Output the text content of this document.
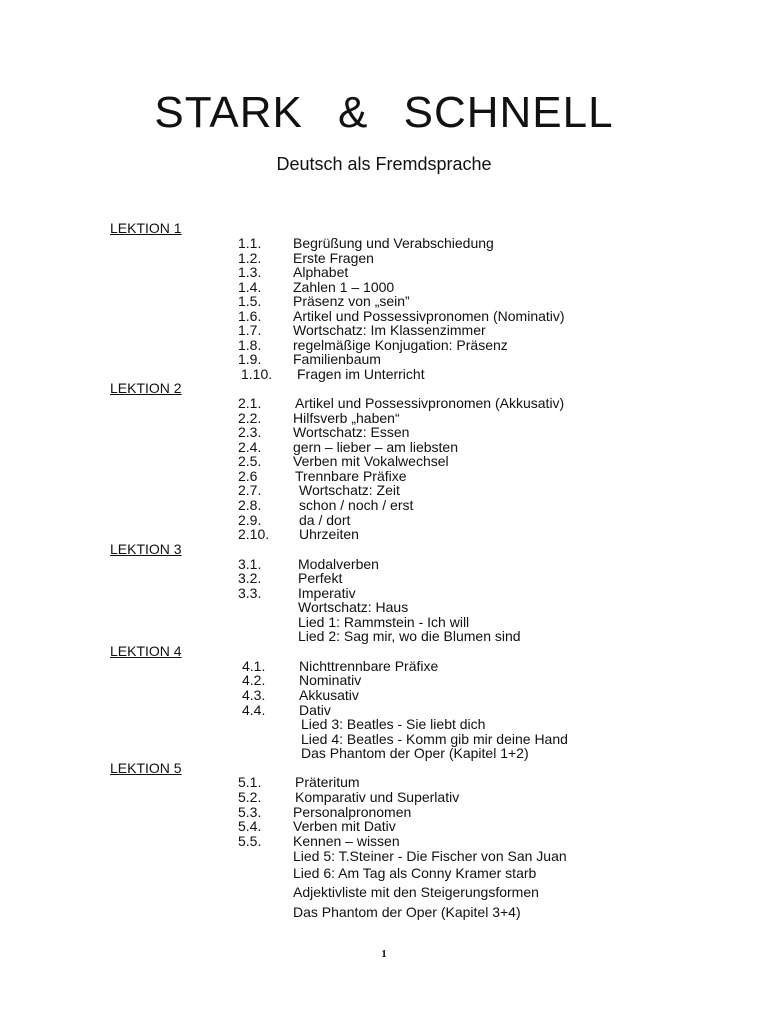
STARK & SCHNELL
Deutsch als Fremdsprache
LEKTION 1
1.1. Begrüßung und Verabschiedung
1.2. Erste Fragen
1.3. Alphabet
1.4. Zahlen 1 – 1000
1.5. Präsenz von „sein”
1.6. Artikel und Possessivpronomen (Nominativ)
1.7. Wortschatz: Im Klassenzimmer
1.8. regelmäßige Konjugation: Präsenz
1.9. Familienbaum
1.10. Fragen im Unterricht
LEKTION 2
2.1. Artikel und Possessivpronomen (Akkusativ)
2.2. Hilfsverb „haben“
2.3. Wortschatz: Essen
2.4. gern – lieber – am liebsten
2.5. Verben mit Vokalwechsel
2.6	Trennbare Präfixe
2.7.	Wortschatz: Zeit
2.8.	schon / noch / erst
2.9.	da / dort
2.10. Uhrzeiten
LEKTION 3
3.1.	Modalverben
3.2.	Perfekt
3.3.	Imperativ
Wortschatz: Haus
Lied 1: Rammstein - Ich will
Lied 2: Sag mir, wo die Blumen sind
LEKTION 4
4.1. Nichttrennbare Präfixe
4.2. Nominativ
4.3. Akkusativ
4.4. Dativ
Lied 3: Beatles - Sie liebt dich
Lied 4: Beatles - Komm gib mir deine Hand
Das Phantom der Oper (Kapitel 1+2)
LEKTION 5
5.1. Präteritum
5.2. Komparativ und Superlativ
5.3. Personalpronomen
5.4. Verben mit Dativ
5.5. Kennen – wissen
Lied 5: T.Steiner - Die Fischer von San Juan
Lied 6: Am Tag als Conny Kramer starb
Adjektivliste mit den Steigerungsformen
Das Phantom der Oper (Kapitel 3+4)
1
